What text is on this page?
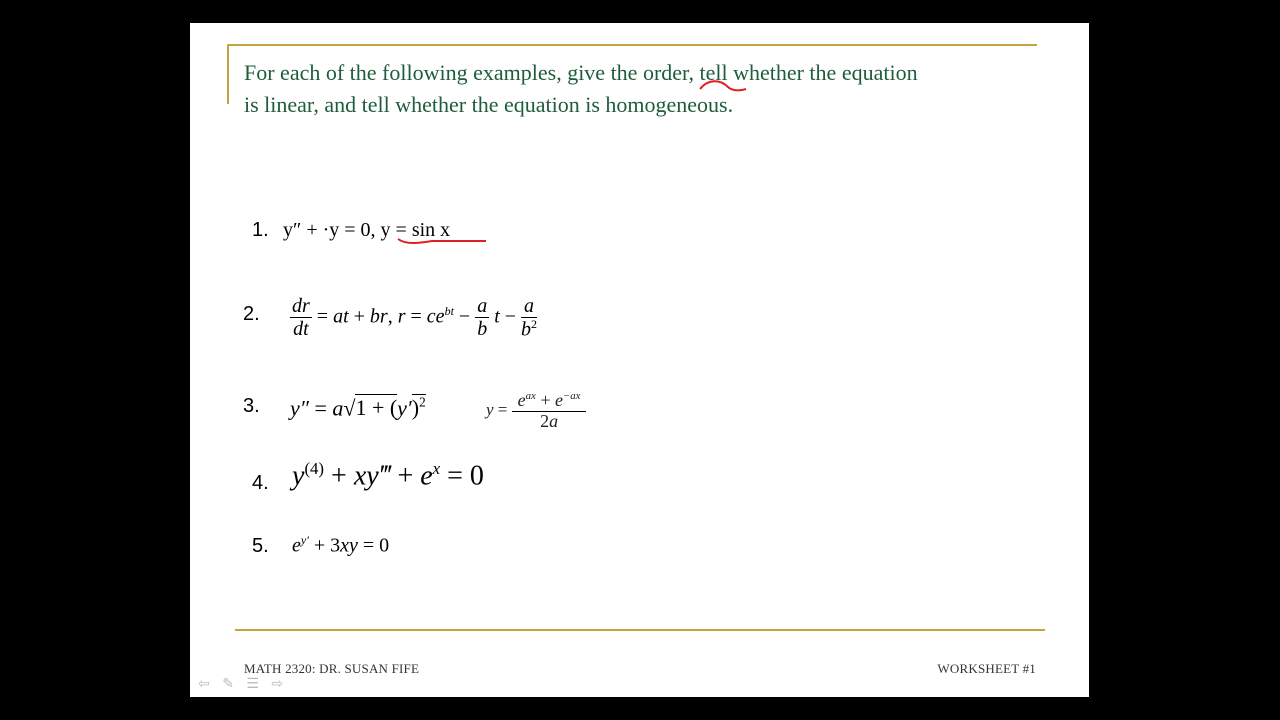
For each of the following examples, give the order, tell whether the equation
is linear, and tell whether the equation is homogeneous.
1. y″ + ·y = 0, y = sin x
2. $\frac{dr}{dt}$ = at + br, $r = ce^{bt} - \frac{a}{b}$ $t - \frac{a}{b^2}$
3. $y'' = a√1 + (y')^2$	$y = \frac{e^{ax} + e^{-ax}}{2a}$
4. $y^{(4)}$ + xy‴ + $e^x = 0$
5. $e^{y'} + 3xy = 0$
MATH 2320: DR. SUSAN FIFE	WORKSHEET #1
⇦ ✎ ☰ ⇨
